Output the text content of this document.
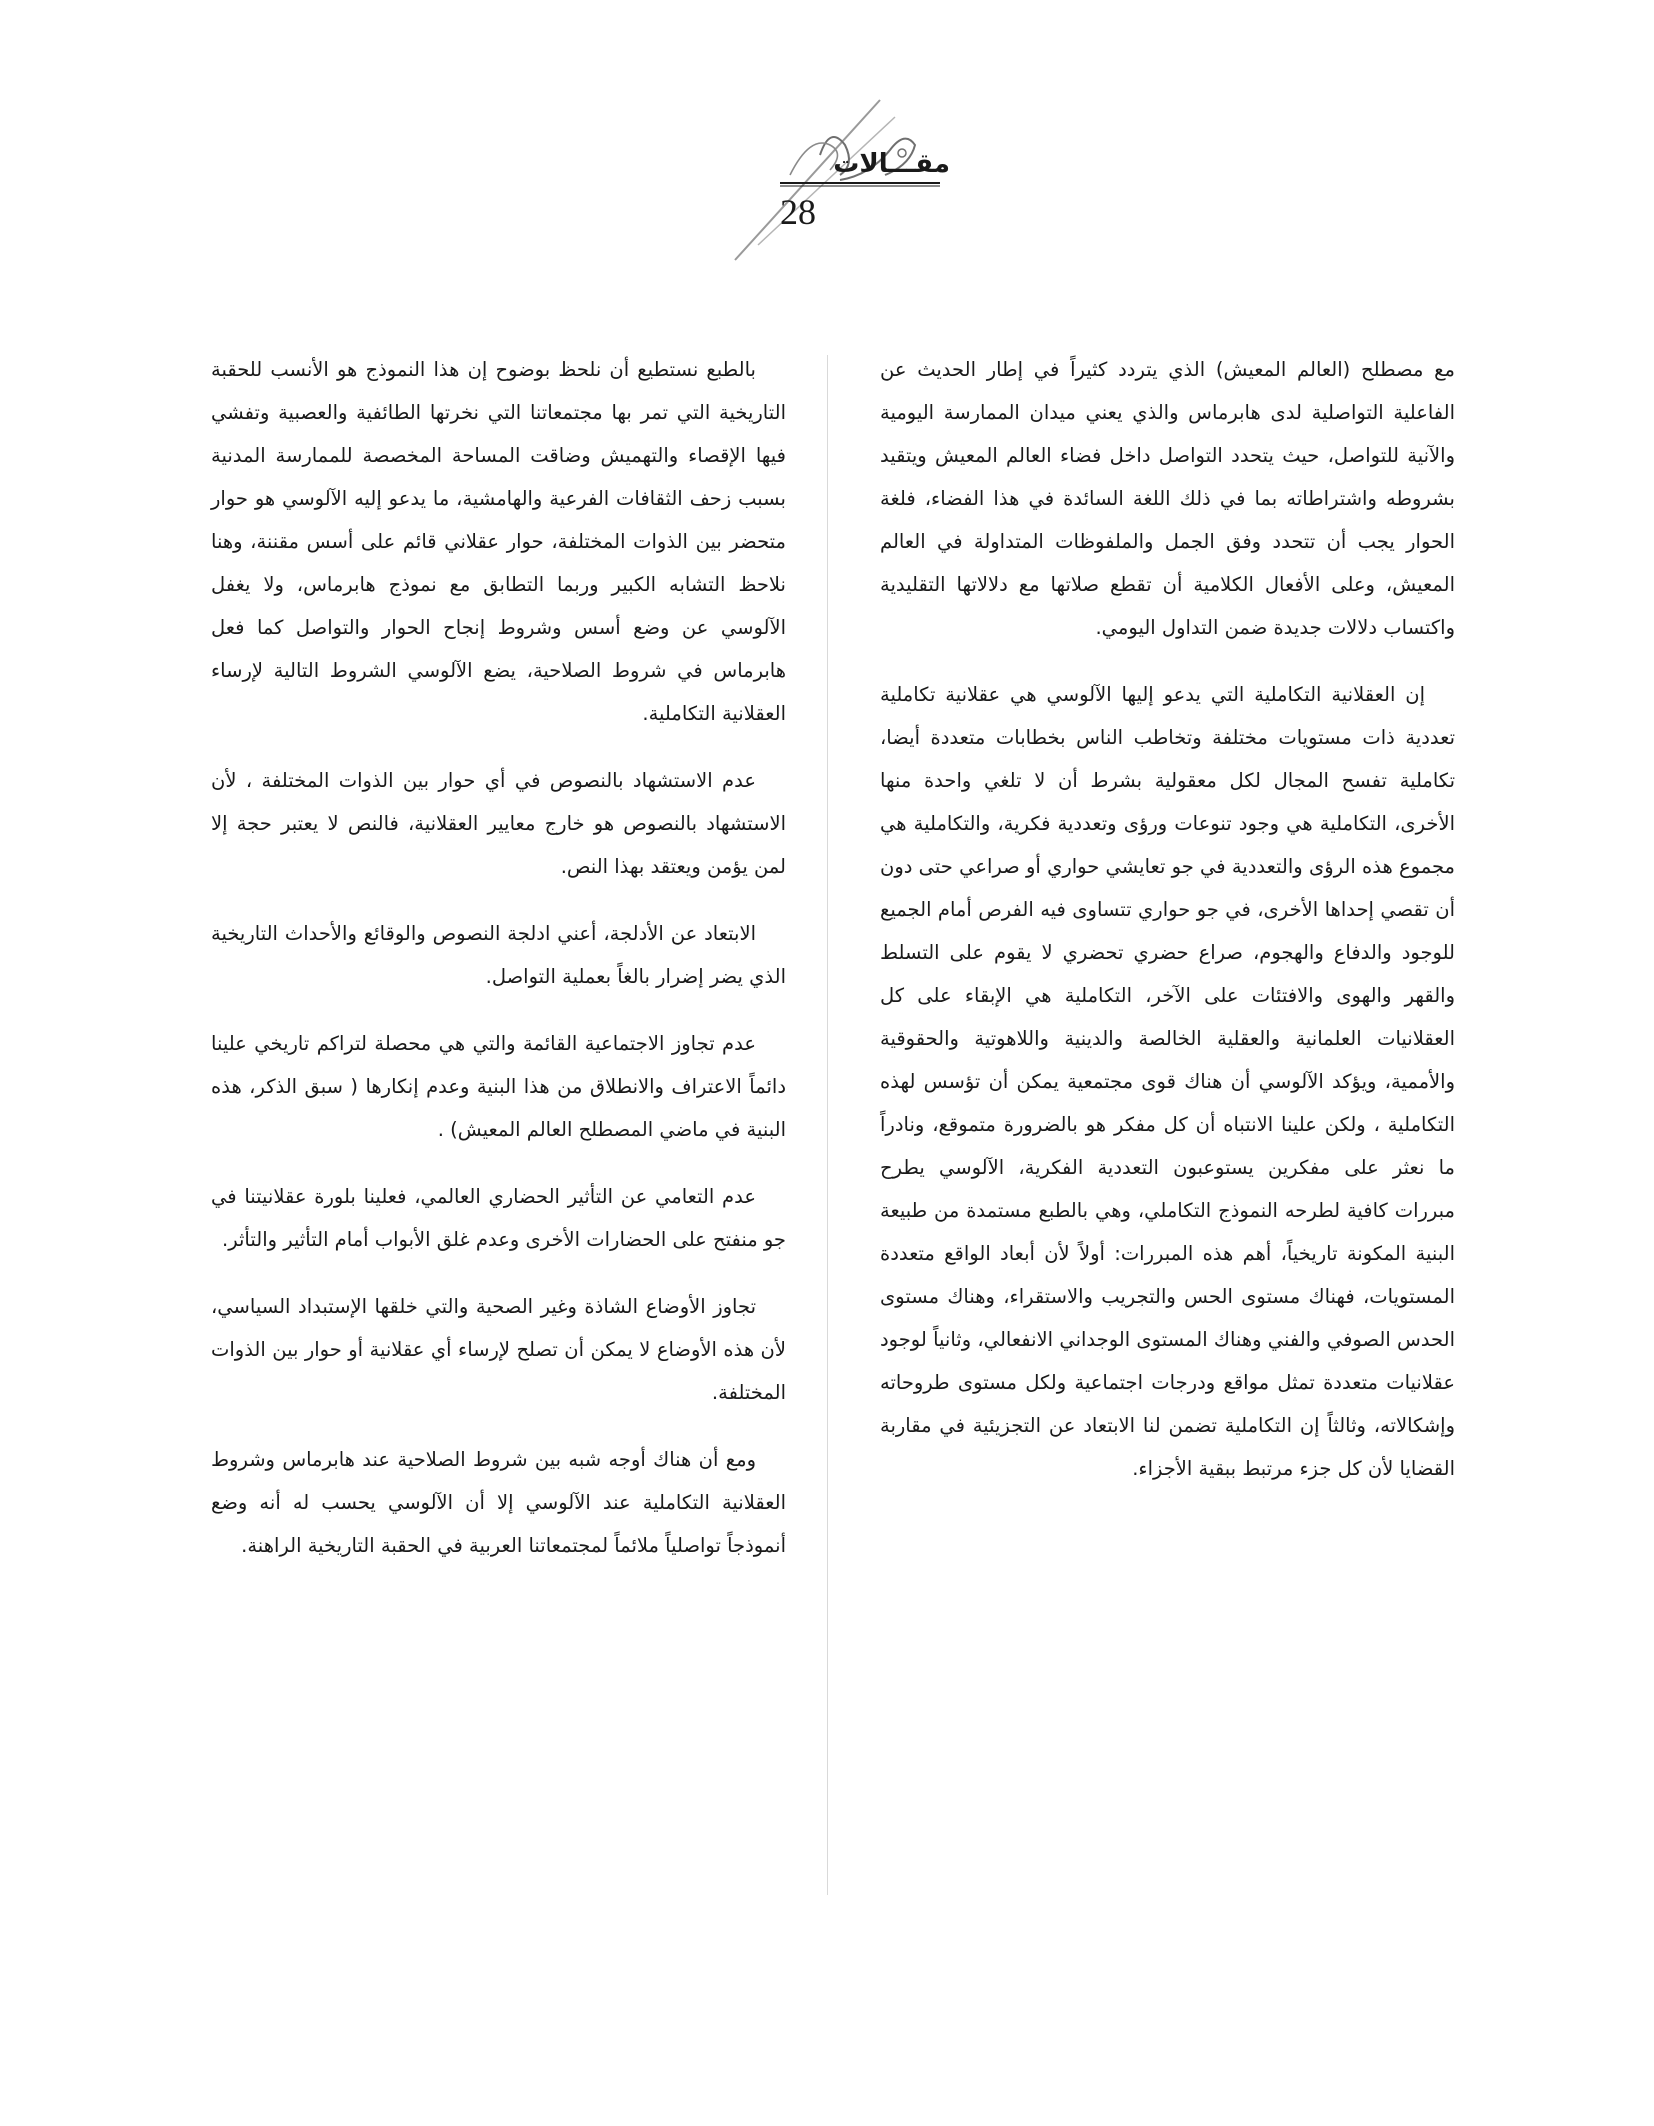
مقـــالات
28

مع مصطلح (العالم المعيش) الذي يتردد كثيراً في إطار الحديث عن الفاعلية التواصلية لدى هابرماس والذي يعني ميدان الممارسة اليومية والآنية للتواصل، حيث يتحدد التواصل داخل فضاء العالم المعيش ويتقيد بشروطه واشتراطاته بما في ذلك اللغة السائدة في هذا الفضاء، فلغة الحوار يجب أن تتحدد وفق الجمل والملفوظات المتداولة في العالم المعيش، وعلى الأفعال الكلامية أن تقطع صلاتها مع دلالاتها التقليدية واكتساب دلالات جديدة ضمن التداول اليومي.

إن العقلانية التكاملية التي يدعو إليها الآلوسي هي عقلانية تكاملية تعددية ذات مستويات مختلفة وتخاطب الناس بخطابات متعددة أيضا، تكاملية تفسح المجال لكل معقولية بشرط أن لا تلغي واحدة منها الأخرى، التكاملية هي وجود تنوعات ورؤى وتعددية فكرية، والتكاملية هي مجموع هذه الرؤى والتعددية في جو تعايشي حواري أو صراعي حتى دون أن تقصي إحداها الأخرى، في جو حواري تتساوى فيه الفرص أمام الجميع للوجود والدفاع والهجوم، صراع حضري تحضري لا يقوم على التسلط والقهر والهوى والافتئات على الآخر، التكاملية هي الإبقاء على كل العقلانيات العلمانية والعقلية الخالصة والدينية واللاهوتية والحقوقية والأممية، ويؤكد الآلوسي أن هناك قوى مجتمعية يمكن أن تؤسس لهذه التكاملية ، ولكن علينا الانتباه أن كل مفكر هو بالضرورة متموقع، ونادراً ما نعثر على مفكرين يستوعبون التعددية الفكرية، الآلوسي يطرح مبررات كافية لطرحه النموذج التكاملي، وهي بالطبع مستمدة من طبيعة البنية المكونة تاريخياً، أهم هذه المبررات: أولاً لأن أبعاد الواقع متعددة المستويات، فهناك مستوى الحس والتجريب والاستقراء، وهناك مستوى الحدس الصوفي والفني وهناك المستوى الوجداني الانفعالي، وثانياً لوجود عقلانيات متعددة تمثل مواقع ودرجات اجتماعية ولكل مستوى طروحاته وإشكالاته، وثالثاً إن التكاملية تضمن لنا الابتعاد عن التجزيئية في مقاربة القضايا لأن كل جزء مرتبط ببقية الأجزاء.

بالطبع نستطيع أن نلحظ بوضوح إن هذا النموذج هو الأنسب للحقبة التاريخية التي تمر بها مجتمعاتنا التي نخرتها الطائفية والعصبية وتفشي فيها الإقصاء والتهميش وضاقت المساحة المخصصة للممارسة المدنية بسبب زحف الثقافات الفرعية والهامشية، ما يدعو إليه الآلوسي هو حوار متحضر بين الذوات المختلفة، حوار عقلاني قائم على أسس مقننة، وهنا نلاحظ التشابه الكبير وربما التطابق مع نموذج هابرماس، ولا يغفل الآلوسي عن وضع أسس وشروط إنجاح الحوار والتواصل كما فعل هابرماس في شروط الصلاحية، يضع الآلوسي الشروط التالية لإرساء العقلانية التكاملية.

عدم الاستشهاد بالنصوص في أي حوار بين الذوات المختلفة ، لأن الاستشهاد بالنصوص هو خارج معايير العقلانية، فالنص لا يعتبر حجة إلا لمن يؤمن ويعتقد بهذا النص.

الابتعاد عن الأدلجة، أعني ادلجة النصوص والوقائع والأحداث التاريخية الذي يضر إضرار بالغاً بعملية التواصل.

عدم تجاوز الاجتماعية القائمة والتي هي محصلة لتراكم تاريخي علينا دائماً الاعتراف والانطلاق من هذا البنية وعدم إنكارها ( سبق الذكر، هذه البنية في ماضي المصطلح العالم المعيش) .

عدم التعامي عن التأثير الحضاري العالمي، فعلينا بلورة عقلانيتنا في جو منفتح على الحضارات الأخرى وعدم غلق الأبواب أمام التأثير والتأثر.

تجاوز الأوضاع الشاذة وغير الصحية والتي خلقها الإستبداد السياسي، لأن هذه الأوضاع لا يمكن أن تصلح لإرساء أي عقلانية أو حوار بين الذوات المختلفة.

ومع أن هناك أوجه شبه بين شروط الصلاحية عند هابرماس وشروط العقلانية التكاملية عند الآلوسي إلا أن الآلوسي يحسب له أنه وضع أنموذجاً تواصلياً ملائماً لمجتمعاتنا العربية في الحقبة التاريخية الراهنة.
